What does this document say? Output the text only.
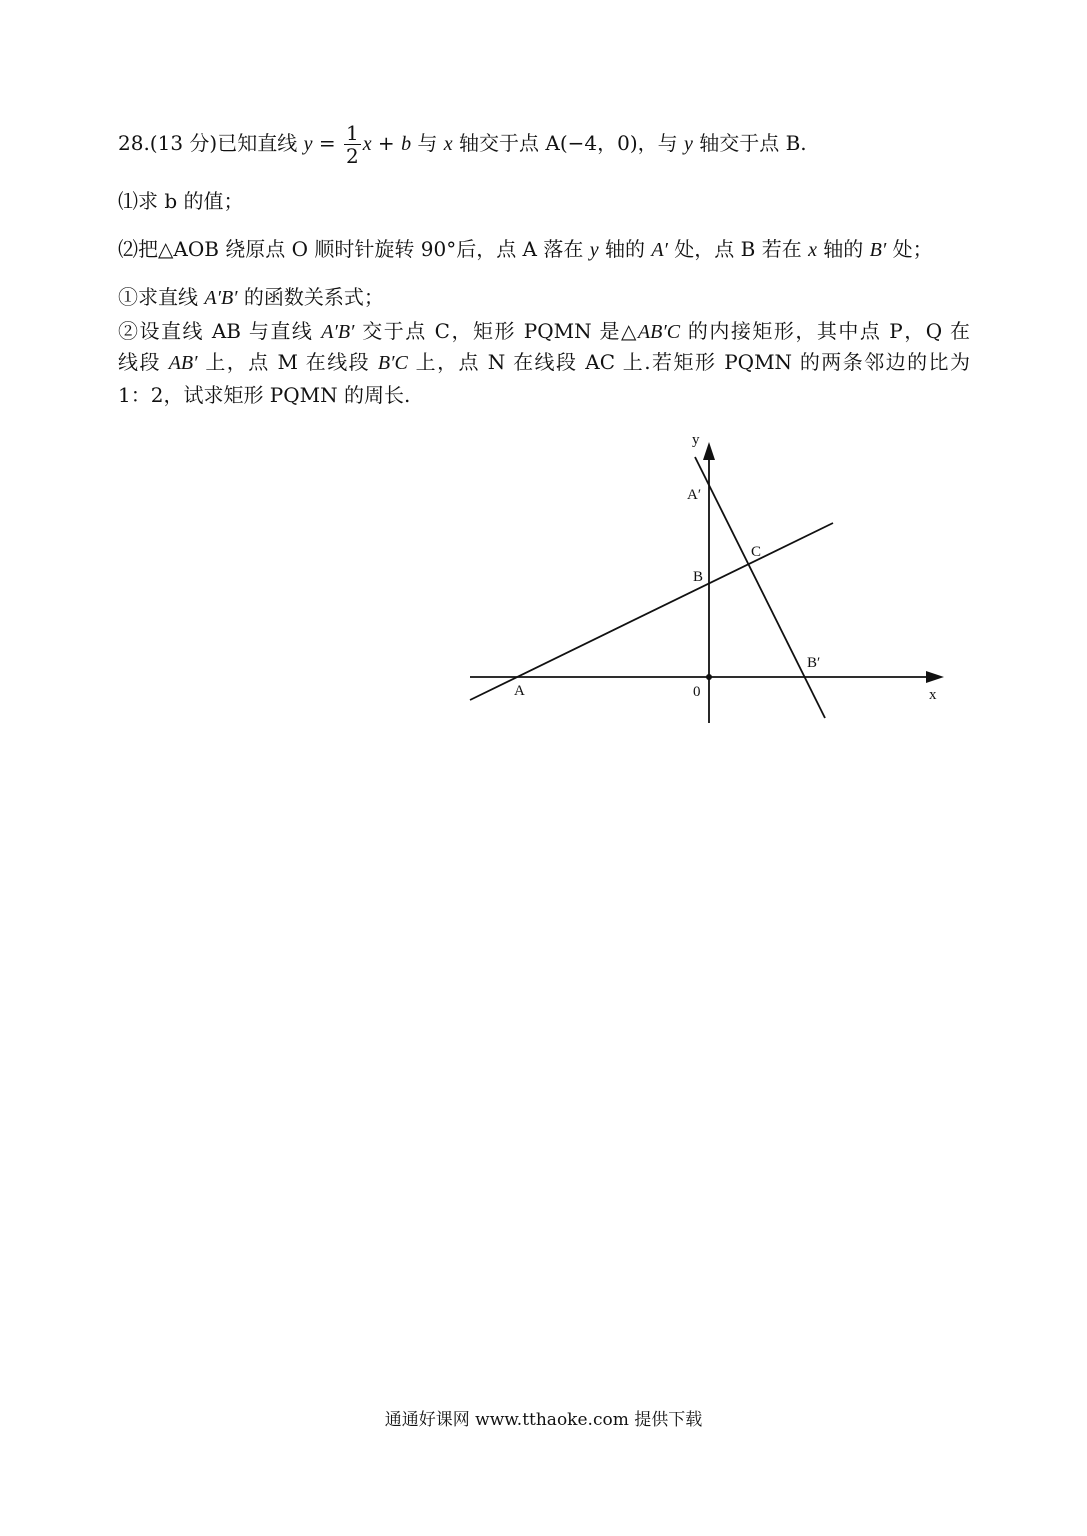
28.(13 分)已知直线 $y = \frac{1}{2}$ x + b 与 x 轴交于点 A(−4，0)，与 y 轴交于点 B.
⑴求 b 的值；
⑵把△AOB 绕原点 O 顺时针旋转 90°后，点 A 落在 y 轴的 A′ 处，点 B 若在 x 轴的 B′ 处；
①求直线 A′B′ 的函数关系式；
②设直线 AB 与直线 A′B′ 交于点 C，矩形 PQMN 是△AB′C 的内接矩形，其中点 P，Q 在
线段 AB′ 上，点 M 在线段 B′C 上，点 N 在线段 AC 上.若矩形 PQMN 的两条邻边的比为
1：2，试求矩形 PQMN 的周长.
y
x
0
A
B
C
A′
B′
通通好课网 www.tthaoke.com 提供下载
